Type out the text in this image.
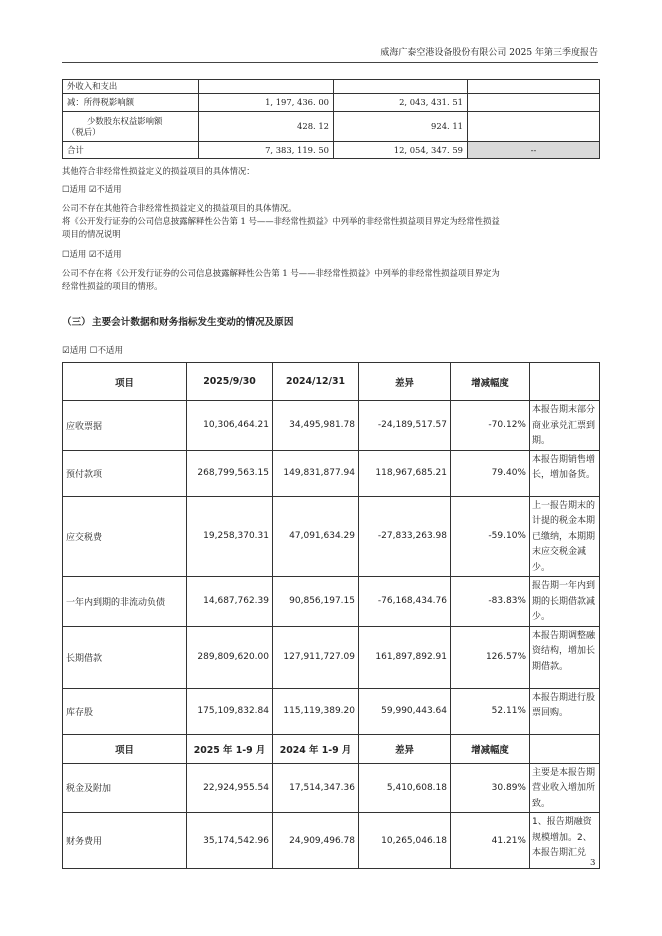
威海广泰空港设备股份有限公司 2025 年第三季度报告
外收入和支出			
减：所得税影响额	1, 197, 436. 00	2, 043, 431. 51	

少数股东权益影响额
（税后）	428. 12	924. 11	
合计	7, 383, 119. 50	12, 054, 347. 59	--
其他符合非经常性损益定义的损益项目的具体情况：
☐适用 ☑不适用
公司不存在其他符合非经常性损益定义的损益项目的具体情况。
将《公开发行证券的公司信息披露解释性公告第 1 号——非经常性损益》中列举的非经常性损益项目界定为经常性损益
项目的情况说明
☐适用 ☑不适用
公司不存在将《公开发行证券的公司信息披露解释性公告第 1 号——非经常性损益》中列举的非经常性损益项目界定为
经常性损益的项目的情形。
（三）主要会计数据和财务指标发生变动的情况及原因
☑适用 ☐不适用
项目	2025/9/30	2024/12/31	差异	增减幅度	
应收票据	10,306,464.21	34,495,981.78	-24,189,517.57	-70.12%	本报告期末部分商业承兑汇票到期。
预付款项	268,799,563.15	149,831,877.94	118,967,685.21	79.40%	本报告期销售增长，增加备货。
应交税费	19,258,370.31	47,091,634.29	-27,833,263.98	-59.10%	上一报告期末的计提的税金本期已缴纳，本期期末应交税金减少。
一年内到期的非流动负债	14,687,762.39	90,856,197.15	-76,168,434.76	-83.83%	报告期一年内到期的长期借款减少。
长期借款	289,809,620.00	127,911,727.09	161,897,892.91	126.57%	本报告期调整融资结构，增加长期借款。
库存股	175,109,832.84	115,119,389.20	59,990,443.64	52.11%	本报告期进行股票回购。
项目	2025 年 1-9 月	2024 年 1-9 月	差异	增减幅度	
税金及附加	22,924,955.54	17,514,347.36	5,410,608.18	30.89%	主要是本报告期营业收入增加所致。
财务费用	35,174,542.96	24,909,496.78	10,265,046.18	41.21%	1、报告期融资规模增加。2、本报告期汇兑
3
